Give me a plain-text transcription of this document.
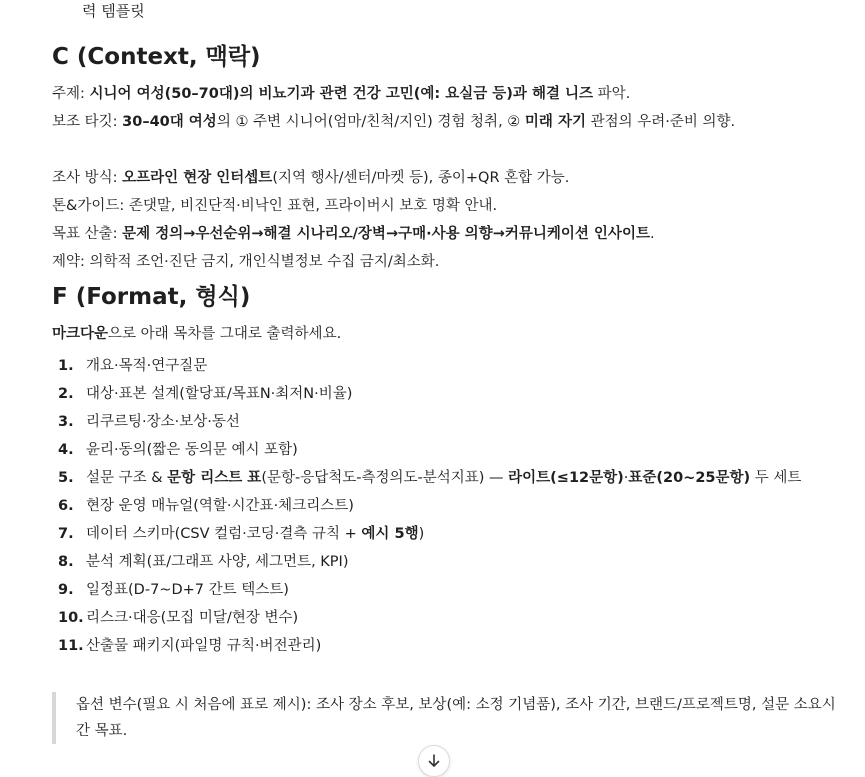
력 템플릿
C (Context, 맥락)
주제: 시니어 여성(50–70대)의 비뇨기과 관련 건강 고민(예: 요실금 등)과 해결 니즈 파악.
보조 타깃: 30–40대 여성의 ① 주변 시니어(엄마/친척/지인) 경험 청취, ② 미래 자기 관점의 우려·준비 의향.
조사 방식: 오프라인 현장 인터셉트(지역 행사/센터/마켓 등), 종이+QR 혼합 가능.
톤&가이드: 존댓말, 비진단적·비낙인 표현, 프라이버시 보호 명확 안내.
목표 산출: 문제 정의→우선순위→해결 시나리오/장벽→구매·사용 의향→커뮤니케이션 인사이트.
제약: 의학적 조언·진단 금지, 개인식별정보 수집 금지/최소화.
F (Format, 형식)
마크다운으로 아래 목차를 그대로 출력하세요.
1. 개요·목적·연구질문
2. 대상·표본 설계(할당표/목표N·최저N·비율)
3. 리쿠르팅·장소·보상·동선
4. 윤리·동의(짧은 동의문 예시 포함)
5. 설문 구조 & 문항 리스트 표(문항-응답척도-측정의도-분석지표) — 라이트(≤12문항)·표준(20~25문항) 두 세트
6. 현장 운영 매뉴얼(역할·시간표·체크리스트)
7. 데이터 스키마(CSV 컬럼·코딩·결측 규칙 + 예시 5행)
8. 분석 계획(표/그래프 사양, 세그먼트, KPI)
9. 일정표(D-7~D+7 간트 텍스트)
10. 리스크·대응(모집 미달/현장 변수)
11. 산출물 패키지(파일명 규칙·버전관리)
옵션 변수(필요 시 처음에 표로 제시): 조사 장소 후보, 보상(예: 소정 기념품), 조사 기간, 브랜드/프로젝트명, 설문 소요시간 목표.
